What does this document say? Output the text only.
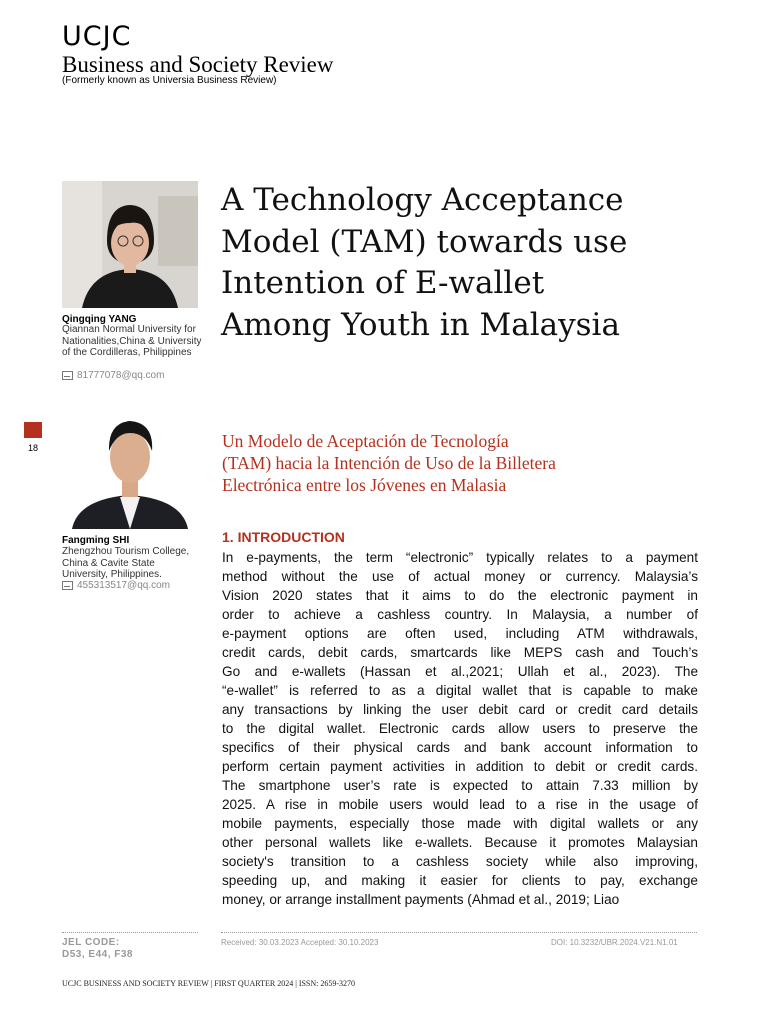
UCJC
Business and Society Review
(Formerly known as Universia Business Review)
Qingqing YANG
Qiannan Normal University for Nationalities,China & University of the Cordilleras, Philippines
81777078@qq.com
18
Fangming SHI
Zhengzhou Tourism College, China & Cavite State University, Philippines.
455313517@qq.com
A Technology Acceptance Model (TAM) towards use Intention of E-wallet Among Youth in Malaysia
Un Modelo de Aceptación de Tecnología
(TAM) hacia la Intención de Uso de la Billetera
Electrónica entre los Jóvenes en Malasia
1. INTRODUCTION
In e-payments, the term “electronic” typically relates to a payment
method without the use of actual money or currency. Malaysia’s
Vision 2020 states that it aims to do the electronic payment in
order to achieve a cashless country. In Malaysia, a number of
e-payment options are often used, including ATM withdrawals,
credit cards, debit cards, smartcards like MEPS cash and Touch’s
Go and e-wallets (Hassan et al.,2021; Ullah et al., 2023). The
“e-wallet” is referred to as a digital wallet that is capable to make
any transactions by linking the user debit card or credit card details
to the digital wallet. Electronic cards allow users to preserve the
specifics of their physical cards and bank account information to
perform certain payment activities in addition to debit or credit cards.
The smartphone user’s rate is expected to attain 7.33 million by
2025. A rise in mobile users would lead to a rise in the usage of
mobile payments, especially those made with digital wallets or any
other personal wallets like e-wallets. Because it promotes Malaysian
society's transition to a cashless society while also improving,
speeding up, and making it easier for clients to pay, exchange
money, or arrange installment payments (Ahmad et al., 2019; Liao
JEL CODE:
D53, E44, F38
Received: 30.03.2023 Accepted: 30.10.2023	DOI: 10.3232/UBR.2024.V21.N1.01
UCJC BUSINESS AND SOCIETY REVIEW | FIRST QUARTER 2024 | ISSN: 2659-3270
